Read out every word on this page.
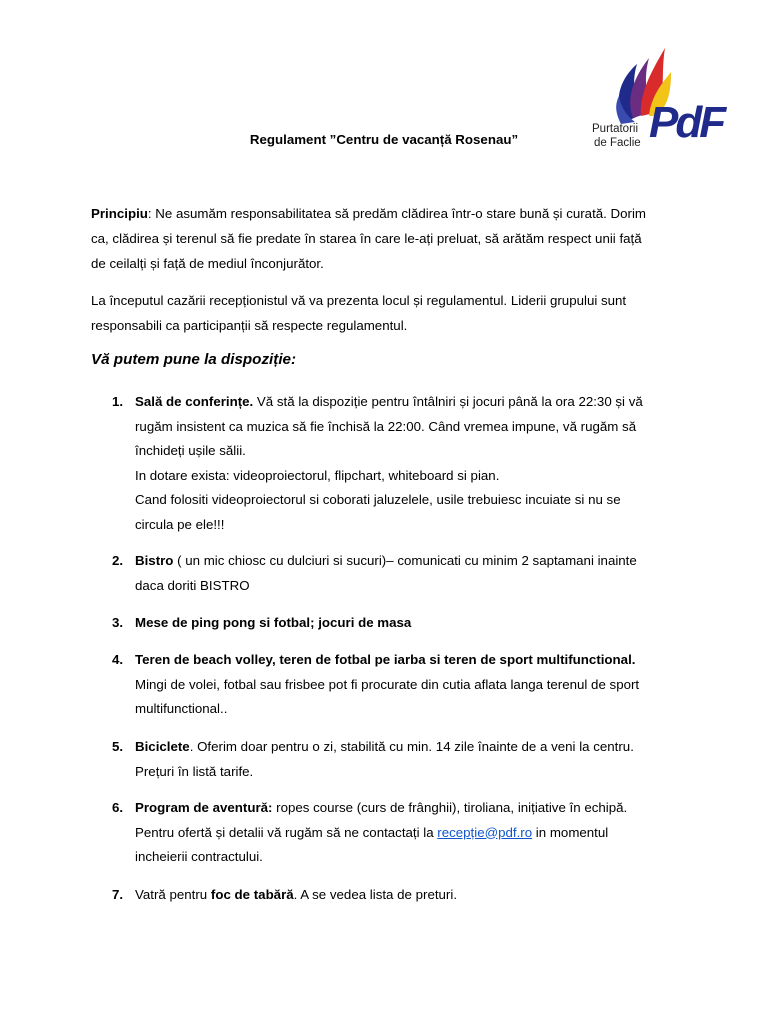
Purtatorii
de Faclie PdF
Regulament ”Centru de vacanță Rosenau”
Principiu: Ne asumăm responsabilitatea să predăm clădirea într-o stare bună și curată. Dorim
ca, clădirea și terenul să fie predate în starea în care le-ați preluat, să arătăm respect unii față
de ceilalți și față de mediul înconjurător.
La începutul cazării recepționistul vă va prezenta locul și regulamentul. Liderii grupului sunt
responsabili ca participanții să respecte regulamentul.
Vă putem pune la dispoziție:
1. Sală de conferințe. Vă stă la dispoziție pentru întâlniri și jocuri până la ora 22:30 și vă
rugăm insistent ca muzica să fie închisă la 22:00. Când vremea impune, vă rugăm să
închideți ușile sălii.
In dotare exista: videoproiectorul, flipchart, whiteboard si pian.
Cand folositi videoproiectorul si coborati jaluzelele, usile trebuiesc incuiate si nu se
circula pe ele!!!
2. Bistro ( un mic chiosc cu dulciuri si sucuri)– comunicati cu minim 2 saptamani inainte
daca doriti BISTRO
3. Mese de ping pong si fotbal; jocuri de masa
4. Teren de beach volley, teren de fotbal pe iarba si teren de sport multifunctional.
Mingi de volei, fotbal sau frisbee pot fi procurate din cutia aflata langa terenul de sport
multifunctional..
5. Biciclete. Oferim doar pentru o zi, stabilită cu min. 14 zile înainte de a veni la centru.
Prețuri în listă tarife.
6. Program de aventură: ropes course (curs de frânghii), tiroliana, inițiative în echipă.
Pentru ofertă și detalii vă rugăm să ne contactați la recepție@pdf.ro in momentul
incheierii contractului.
7. Vatră pentru foc de tabără. A se vedea lista de preturi.
